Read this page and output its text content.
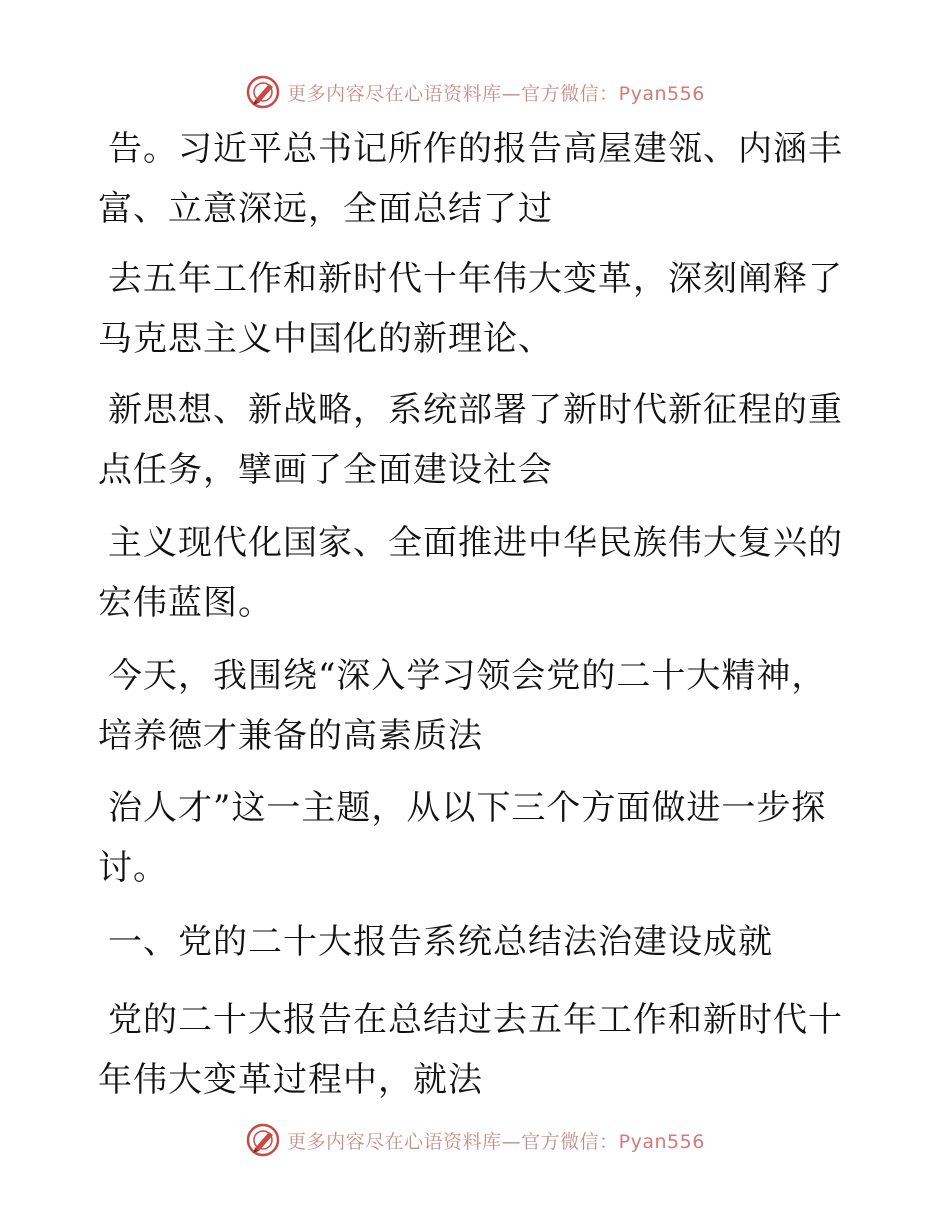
更多内容尽在心语资料库—官方微信：Pyan556
告。习近平总书记所作的报告高屋建瓴、内涵丰
富、立意深远，全面总结了过
去五年工作和新时代十年伟大变革，深刻阐释了
马克思主义中国化的新理论、
新思想、新战略，系统部署了新时代新征程的重
点任务，擘画了全面建设社会
主义现代化国家、全面推进中华民族伟大复兴的
宏伟蓝图。
今天，我围绕“深入学习领会党的二十大精神，
培养德才兼备的高素质法
治人才”这一主题，从以下三个方面做进一步探
讨。
一、党的二十大报告系统总结法治建设成就
党的二十大报告在总结过去五年工作和新时代十
年伟大变革过程中，就法
更多内容尽在心语资料库—官方微信：Pyan556
